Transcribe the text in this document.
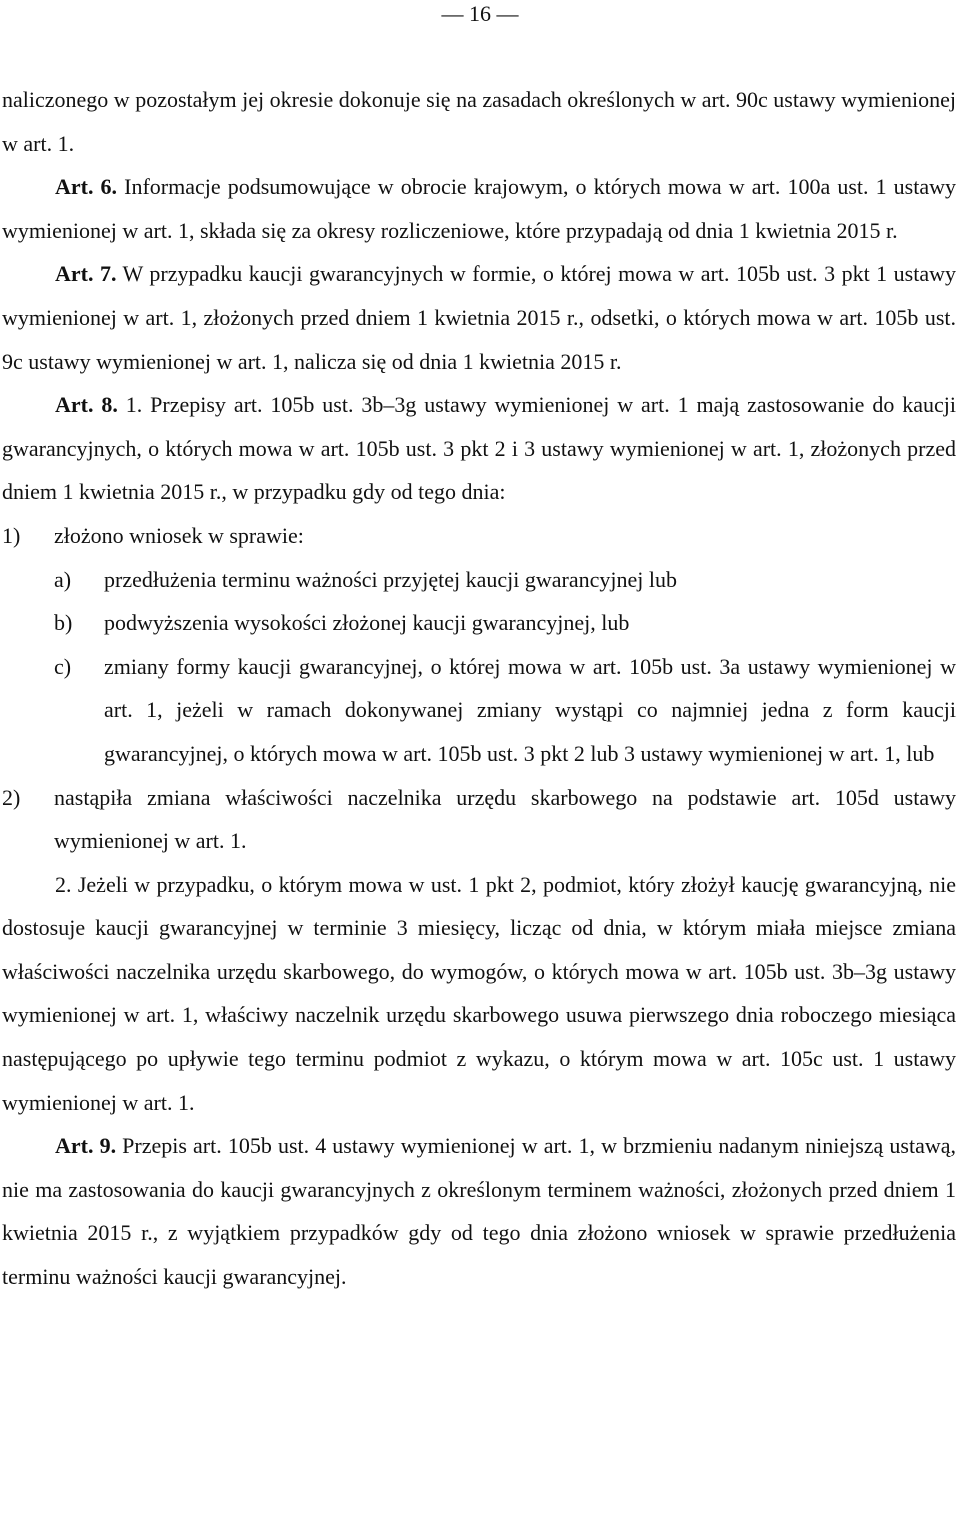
— 16 —

naliczonego w pozostałym jej okresie dokonuje się na zasadach określonych w art. 90c ustawy wymienionej w art. 1.

Art. 6. Informacje podsumowujące w obrocie krajowym, o których mowa w art. 100a ust. 1 ustawy wymienionej w art. 1, składa się za okresy rozliczeniowe, które przypadają od dnia 1 kwietnia 2015 r.

Art. 7. W przypadku kaucji gwarancyjnych w formie, o której mowa w art. 105b ust. 3 pkt 1 ustawy wymienionej w art. 1, złożonych przed dniem 1 kwietnia 2015 r., odsetki, o których mowa w art. 105b ust. 9c ustawy wymienionej w art. 1, nalicza się od dnia 1 kwietnia 2015 r.

Art. 8. 1. Przepisy art. 105b ust. 3b–3g ustawy wymienionej w art. 1 mają zastosowanie do kaucji gwarancyjnych, o których mowa w art. 105b ust. 3 pkt 2 i 3 ustawy wymienionej w art. 1, złożonych przed dniem 1 kwietnia 2015 r., w przypadku gdy od tego dnia:

1) złożono wniosek w sprawie:
a) przedłużenia terminu ważności przyjętej kaucji gwarancyjnej lub
b) podwyższenia wysokości złożonej kaucji gwarancyjnej, lub
c) zmiany formy kaucji gwarancyjnej, o której mowa w art. 105b ust. 3a ustawy wymienionej w art. 1, jeżeli w ramach dokonywanej zmiany wystąpi co najmniej jedna z form kaucji gwarancyjnej, o których mowa w art. 105b ust. 3 pkt 2 lub 3 ustawy wymienionej w art. 1, lub
2) nastąpiła zmiana właściwości naczelnika urzędu skarbowego na podstawie art. 105d ustawy wymienionej w art. 1.

2. Jeżeli w przypadku, o którym mowa w ust. 1 pkt 2, podmiot, który złożył kaucję gwarancyjną, nie dostosuje kaucji gwarancyjnej w terminie 3 miesięcy, licząc od dnia, w którym miała miejsce zmiana właściwości naczelnika urzędu skarbowego, do wymogów, o których mowa w art. 105b ust. 3b–3g ustawy wymienionej w art. 1, właściwy naczelnik urzędu skarbowego usuwa pierwszego dnia roboczego miesiąca następującego po upływie tego terminu podmiot z wykazu, o którym mowa w art. 105c ust. 1 ustawy wymienionej w art. 1.

Art. 9. Przepis art. 105b ust. 4 ustawy wymienionej w art. 1, w brzmieniu nadanym niniejszą ustawą, nie ma zastosowania do kaucji gwarancyjnych z określonym terminem ważności, złożonych przed dniem 1 kwietnia 2015 r., z wyjątkiem przypadków gdy od tego dnia złożono wniosek w sprawie przedłużenia terminu ważności kaucji gwarancyjnej.
